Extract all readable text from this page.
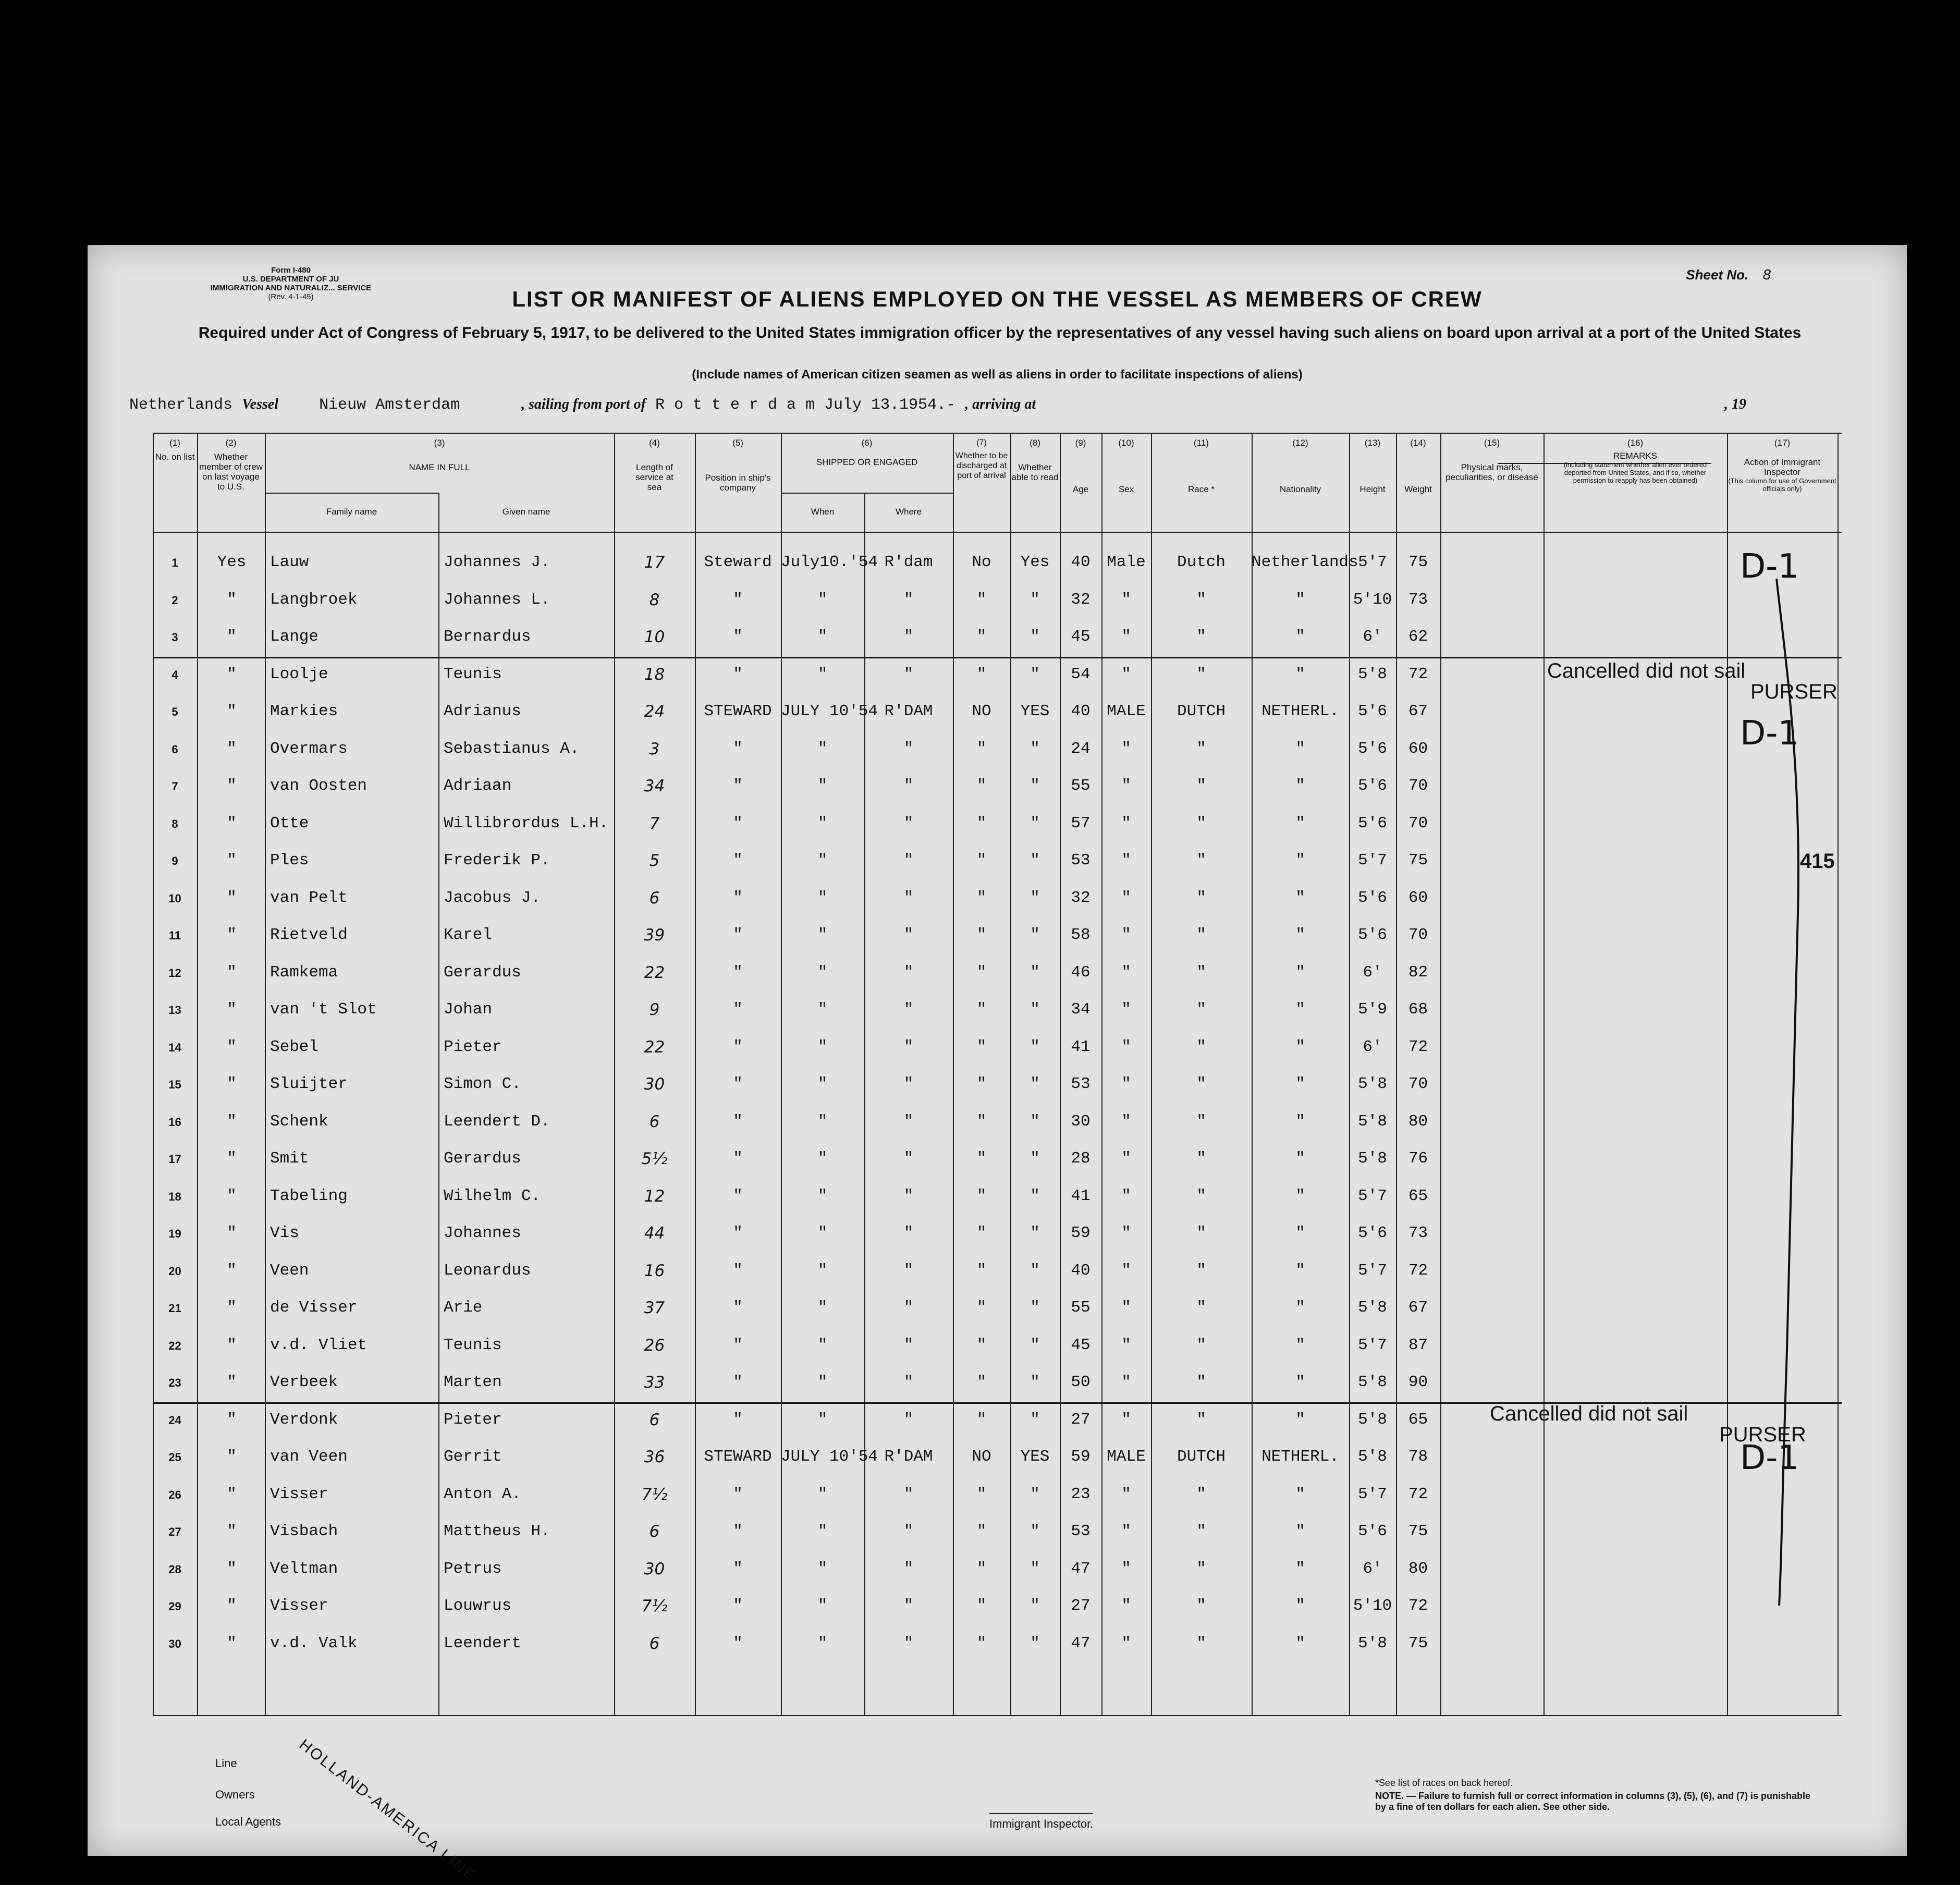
Form I-480
U.S. DEPARTMENT OF JU
IMMIGRATION AND NATURALIZ... SERVICE
(Rev. 4-1-45)
Sheet No. 8
LIST OR MANIFEST OF ALIENS EMPLOYED ON THE VESSEL AS MEMBERS OF CREW
Required under Act of Congress of February 5, 1917, to be delivered to the United States immigration officer by the representatives of any vessel having such aliens on board upon arrival at a port of the United States
(Include names of American citizen seamen as well as aliens in order to facilitate inspections of aliens)
Netherlands Vessel	Nieuw Amsterdam	, sailing from port of R o t t e r d a m July 13.1954.- , arriving at	, 19
(1)
No. on list
(2)
Whether member of crew on last voyage to U.S.
(3)
NAME IN FULL
Family name	Given name
(4)
Length of service at sea
(5)
Position in ship's company
(6)
SHIPPED OR ENGAGED
When	Where
(7)
Whether to be discharged at port of arrival
(8)
Whether able to read
(9)
Age
(10)
Sex
(11)
Race *
(12)
Nationality
(13)
Height
(14)
Weight
(15)
Physical marks, peculiarities, or disease
(16)
REMARKS
(including statement whether alien ever ordered deported from United States, and if so, whether permission to reapply has been obtained)
(17)
Action of Immigrant Inspector
(This column for use of Government officials only)
1	Yes	Lauw	Johannes J.	17	Steward July10.'54 R'dam	No	Yes	40	Male	Dutch	Netherlands 5'7	75
2	"	Langbroek	Johannes L.	8	"	"	"	"	"	32	"	"	"	5'10	73
3	"	Lange	Bernardus	10	"	"	"	"	"	45	"	"	"	6'	62
4	"	Loolje	Teunis	18	"	"	"	"	"	54	"	"	"	5'8	72
5	"	Markies	Adrianus	24	STEWARD JULY 10'54 R'DAM	NO	YES	40	MALE	DUTCH	NETHERL.	5'6	67
6	"	Overmars	Sebastianus A.	3	"	"	"	"	"	24	"	"	"	5'6	60
7	"	van Oosten	Adriaan	34	"	"	"	"	"	55	"	"	"	5'6	70
8	"	Otte	Willibrordus L.H.	7	"	"	"	"	"	57	"	"	"	5'6	70
9	"	Ples	Frederik P.	5	"	"	"	"	"	53	"	"	"	5'7	75
10	"	van Pelt	Jacobus J.	6	"	"	"	"	"	32	"	"	"	5'6	60
11	"	Rietveld	Karel	39	"	"	"	"	"	58	"	"	"	5'6	70
12	"	Ramkema	Gerardus	22	"	"	"	"	"	46	"	"	"	6'	82
13	"	van 't Slot	Johan	9	"	"	"	"	"	34	"	"	"	5'9	68
14	"	Sebel	Pieter	22	"	"	"	"	"	41	"	"	"	6'	72
15	"	Sluijter	Simon C.	30	"	"	"	"	"	53	"	"	"	5'8	70
16	"	Schenk	Leendert D.	6	"	"	"	"	"	30	"	"	"	5'8	80
17	"	Smit	Gerardus	5½	"	"	"	"	"	28	"	"	"	5'8	76
18	"	Tabeling	Wilhelm C.	12	"	"	"	"	"	41	"	"	"	5'7	65
19	"	Vis	Johannes	44	"	"	"	"	"	59	"	"	"	5'6	73
20	"	Veen	Leonardus	16	"	"	"	"	"	40	"	"	"	5'7	72
21	"	de Visser	Arie	37	"	"	"	"	"	55	"	"	"	5'8	67
22	"	v.d. Vliet	Teunis	26	"	"	"	"	"	45	"	"	"	5'7	87
23	"	Verbeek	Marten	33	"	"	"	"	"	50	"	"	"	5'8	90
24	"	Verdonk	Pieter	6	"	"	"	"	"	27	"	"	"	5'8	65
25	"	van Veen	Gerrit	36	STEWARD JULY 10'54 R'DAM	NO	YES	59	MALE	DUTCH	NETHERL.	5'8	78
26	"	Visser	Anton A.	7½	"	"	"	"	"	23	"	"	"	5'7	72
27	"	Visbach	Mattheus H.	6	"	"	"	"	"	53	"	"	"	5'6	75
28	"	Veltman	Petrus	30	"	"	"	"	"	47	"	"	"	6'	80
29	"	Visser	Louwrus	7½	"	"	"	"	"	27	"	"	"	5'10	72
30	"	v.d. Valk	Leendert	6	"	"	"	"	"	47	"	"	"	5'8	75
Cancelled did not sail
PURSER
Cancelled did not sail
PURSER
D-1
D-1
D-1
415
Line
Owners
Local Agents	Immigrant Inspector.
*See list of races on back hereof.
NOTE. — Failure to furnish full or correct information in columns (3), (5), (6), and (7) is punishable by a fine of ten dollars for each alien. See other side.
HOLLAND-AMERICA LINE
